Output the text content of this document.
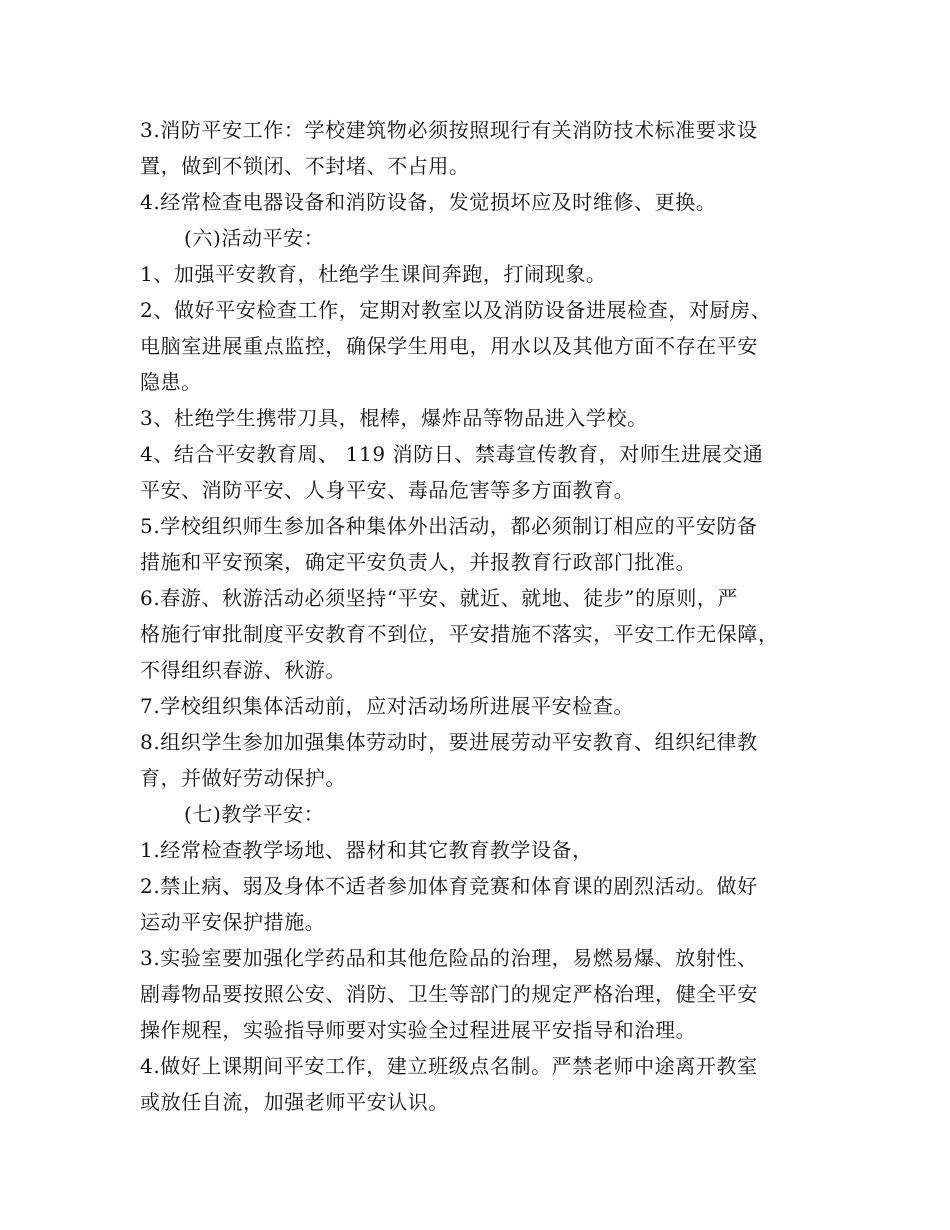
3.消防平安工作：学校建筑物必须按照现行有关消防技术标准要求设
置，做到不锁闭、不封堵、不占用。
4.经常检查电器设备和消防设备，发觉损坏应及时维修、更换。
(六)活动平安：
1、加强平安教育，杜绝学生课间奔跑，打闹现象。
2、做好平安检查工作，定期对教室以及消防设备进展检查，对厨房、
电脑室进展重点监控，确保学生用电，用水以及其他方面不存在平安
隐患。
3、杜绝学生携带刀具，棍棒，爆炸品等物品进入学校。
4、结合平安教育周、 119 消防日、禁毒宣传教育，对师生进展交通
平安、消防平安、人身平安、毒品危害等多方面教育。
5.学校组织师生参加各种集体外出活动，都必须制订相应的平安防备
措施和平安预案，确定平安负责人，并报教育行政部门批准。
6.春游、秋游活动必须坚持“平安、就近、就地、徒步”的原则，严
格施行审批制度平安教育不到位，平安措施不落实，平安工作无保障，
不得组织春游、秋游。
7.学校组织集体活动前，应对活动场所进展平安检查。
8.组织学生参加加强集体劳动时，要进展劳动平安教育、组织纪律教
育，并做好劳动保护。
(七)教学平安：
1.经常检查教学场地、器材和其它教育教学设备，
2.禁止病、弱及身体不适者参加体育竞赛和体育课的剧烈活动。做好
运动平安保护措施。
3.实验室要加强化学药品和其他危险品的治理，易燃易爆、放射性、
剧毒物品要按照公安、消防、卫生等部门的规定严格治理，健全平安
操作规程，实验指导师要对实验全过程进展平安指导和治理。
4.做好上课期间平安工作，建立班级点名制。严禁老师中途离开教室
或放任自流，加强老师平安认识。
